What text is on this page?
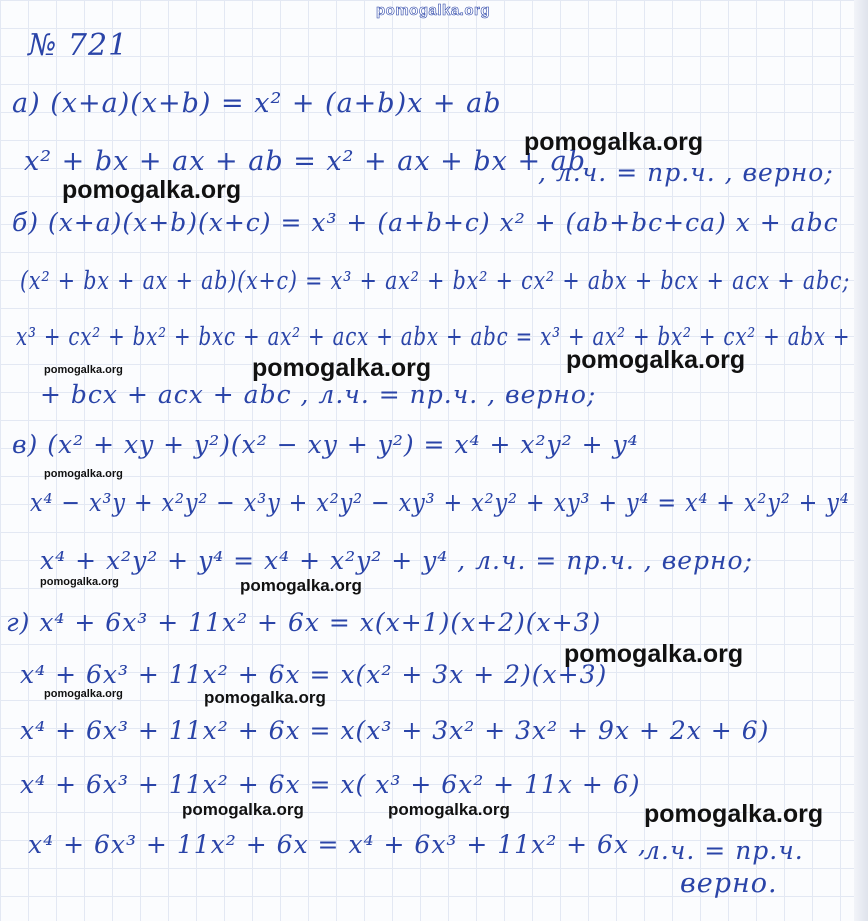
pomogalka.org
№ 721
а) (x+a)(x+b) = x² + (a+b)x + ab
x² + bx + ax + ab = x² + ax + bx + ab
, л.ч. = пр.ч. , верно;
б) (x+a)(x+b)(x+c) = x³ + (a+b+c) x² + (ab+bc+ca) x + abc
(x² + bx + ax + ab)(x+c) = x³ + ax² + bx² + cx² + abx + bcx + acx + abc;
x³ + cx² + bx² + bxc + ax² + acx + abx + abc = x³ + ax² + bx² + cx² + abx +
+ bcx + acx + abc , л.ч. = пр.ч. , верно;
в) (x² + xy + y²)(x² − xy + y²) = x⁴ + x²y² + y⁴
x⁴ − x³y + x²y² − x³y + x²y² − xy³ + x²y² + xy³ + y⁴ = x⁴ + x²y² + y⁴
x⁴ + x²y² + y⁴ = x⁴ + x²y² + y⁴ , л.ч. = пр.ч. , верно;
г) x⁴ + 6x³ + 11x² + 6x = x(x+1)(x+2)(x+3)
x⁴ + 6x³ + 11x² + 6x = x(x² + 3x + 2)(x+3)
x⁴ + 6x³ + 11x² + 6x = x(x³ + 3x² + 3x² + 9x + 2x + 6)
x⁴ + 6x³ + 11x² + 6x = x( x³ + 6x² + 11x + 6)
x⁴ + 6x³ + 11x² + 6x = x⁴ + 6x³ + 11x² + 6x ,
л.ч. = пр.ч.
верно.
pomogalka.org
pomogalka.org
pomogalka.org	pomogalka.org	pomogalka.org
pomogalka.org
pomogalka.org	pomogalka.org
pomogalka.org
pomogalka.org	pomogalka.org
pomogalka.org	pomogalka.org	pomogalka.org
